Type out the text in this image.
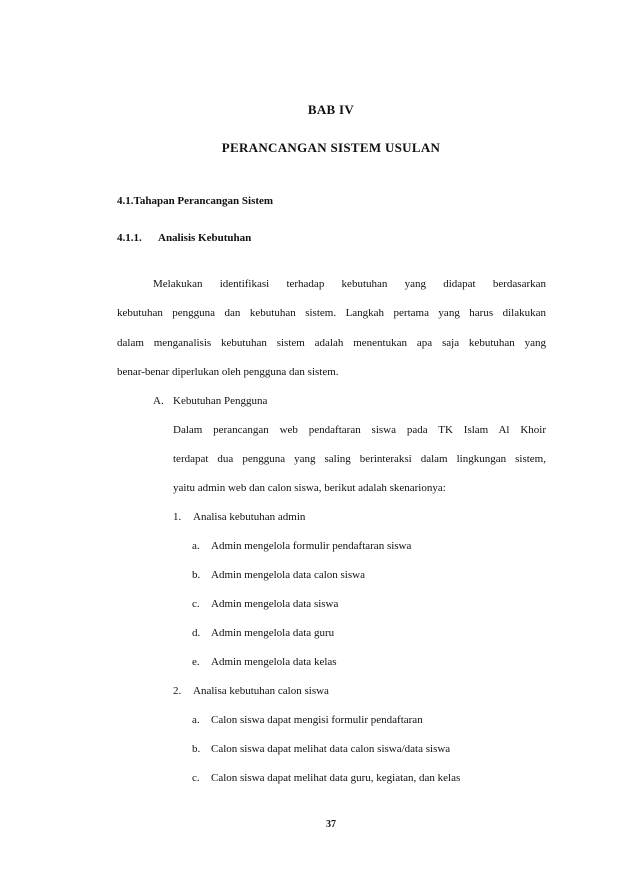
BAB IV
PERANCANGAN SISTEM USULAN
4.1.Tahapan Perancangan Sistem
4.1.1. Analisis Kebutuhan
Melakukan identifikasi terhadap kebutuhan yang didapat berdasarkan
kebutuhan pengguna dan kebutuhan sistem. Langkah pertama yang harus dilakukan
dalam menganalisis kebutuhan sistem adalah menentukan apa saja kebutuhan yang
benar-benar diperlukan oleh pengguna dan sistem.
A. Kebutuhan Pengguna
Dalam perancangan web pendaftaran siswa pada TK Islam Al Khoir
terdapat dua pengguna yang saling berinteraksi dalam lingkungan sistem,
yaitu admin web dan calon siswa, berikut adalah skenarionya:
1. Analisa kebutuhan admin
a. Admin mengelola formulir pendaftaran siswa
b. Admin mengelola data calon siswa
c. Admin mengelola data siswa
d. Admin mengelola data guru
e. Admin mengelola data kelas
2. Analisa kebutuhan calon siswa
a. Calon siswa dapat mengisi formulir pendaftaran
b. Calon siswa dapat melihat data calon siswa/data siswa
c. Calon siswa dapat melihat data guru, kegiatan, dan kelas
37
